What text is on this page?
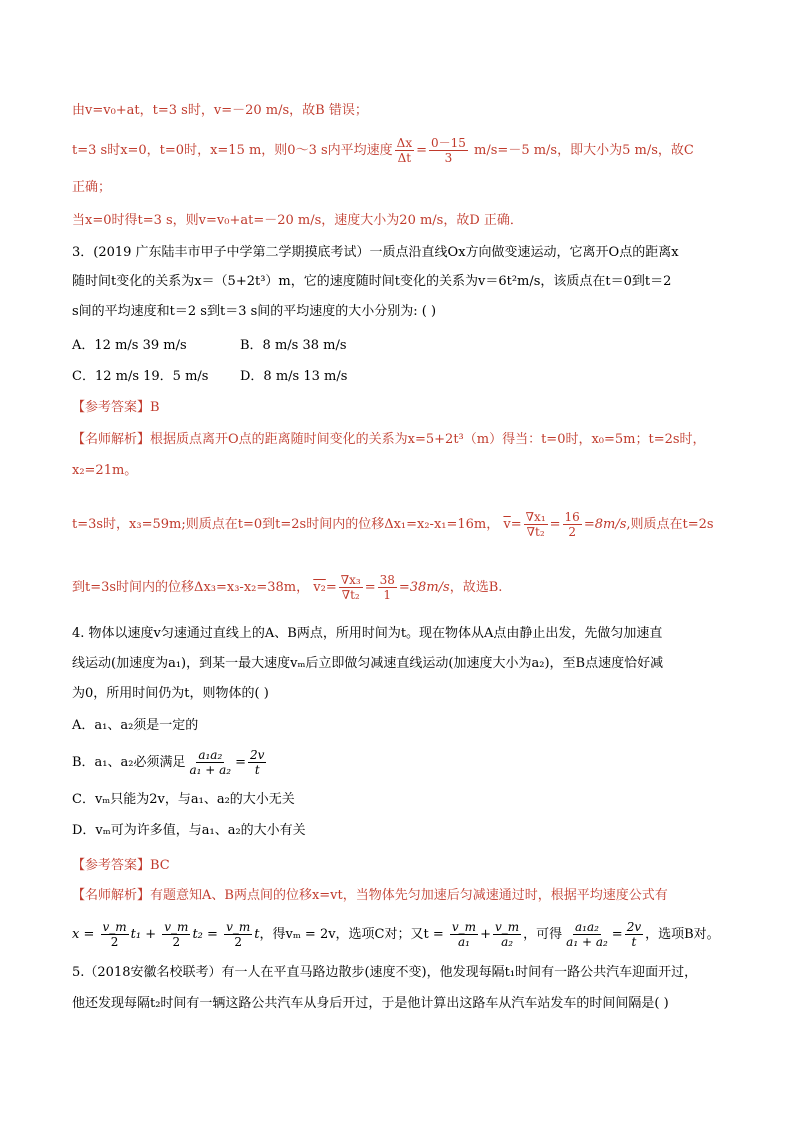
由v=v₀+at，t=3 s时，v=－20 m/s，故B 错误；
t=3 s时x=0，t=0时，x=15 m，则0～3 s内平均速度 $\frac{\Delta x}{\Delta t} = \frac{0-15}{3} m/s=-5$ m/s，即大小为5 m/s，故C
正确；
当x=0时得t=3 s，则v=v₀+at=－20 m/s，速度大小为20 m/s，故D 正确．
3．(2019 广东陆丰市甲子中学第二学期摸底考试）一质点沿直线Ox方向做变速运动，它离开O点的距离x
随时间t变化的关系为x＝（5+2t³）m，它的速度随时间t变化的关系为v＝6t²m/s，该质点在t＝0到t＝2
s间的平均速度和t＝2 s到t＝3 s间的平均速度的大小分别为: ( )
A．12 m/s 39 m/s	B．8 m/s 38 m/s
C．12 m/s 19．5 m/s D．8 m/s 13 m/s
【参考答案】B
【名师解析】根据质点离开O点的距离随时间变化的关系为x=5+2t³（m）得当：t=0时，x₀=5m；t=2s时，
x₂=21m。
t=3s时，x₃=59m;则质点在t=0到t=2s时间内的位移Δx₁=x₂-x₁=16m， $\overline{v}= \frac{\text{∇x₁}}{\text{∇t₂}} = \frac{16}{2} =8m/s$,则质点在t=2s
到t=3s时间内的位移Δx₃=x₃-x₂=38m， $v_2= \frac{\text{∇x₃}}{\text{∇t₂}} = \frac{38}{1} =38m/s$，故选B.
4. 物体以速度v匀速通过直线上的A、B两点，所用时间为t。现在物体从A点由静止出发，先做匀加速直
线运动(加速度为a₁)，到某一最大速度vₘ后立即做匀减速直线运动(加速度大小为a₂)，至B点速度恰好减
为0，所用时间仍为t，则物体的( )
A．a₁、a₂须是一定的
B．a₁、a₂必须满足 $\frac{\text{a₁a₂}}{\text{a₁ + a₂}} = \frac{2v}{t}$
C．vₘ只能为2v，与a₁、a₂的大小无关
D．vₘ可为许多值，与a₁、a₂的大小有关
【参考答案】BC
【名师解析】有题意知A、B两点间的位移x=vt，当物体先匀加速后匀减速通过时，根据平均速度公式有
$x = \frac{v\_m}{2} t_1 + \frac{v\_m}{2} t_2 = \frac{v\_m}{2}$ t，得vₘ = 2v，选项C对；又$t = \frac{v\_m}{\text{a₁}} + \frac{v\_m}{\text{a₂}}$ ，可得 $\frac{\text{a₁a₂}}{\text{a₁ + a₂}} = \frac{2v}{t}$ ，选项B对。
5.（2018安徽名校联考）有一人在平直马路边散步(速度不变)，他发现每隔t₁时间有一路公共汽车迎面开过，
他还发现每隔t₂时间有一辆这路公共汽车从身后开过，于是他计算出这路车从汽车站发车的时间间隔是( )
